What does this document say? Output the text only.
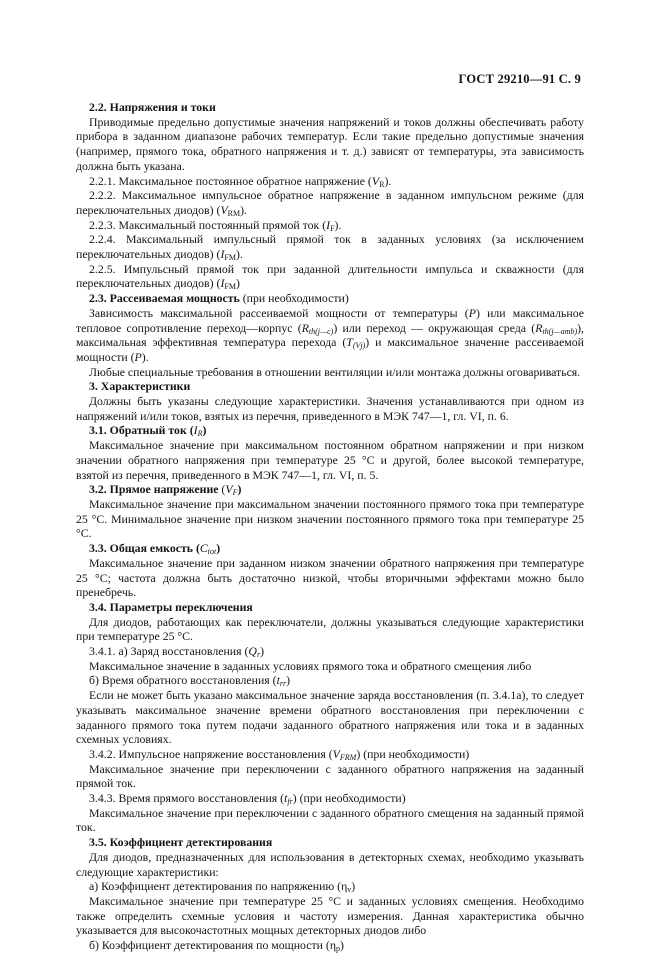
ГОСТ 29210—91 С. 9

2.2. Напряжения и токи

Приводимые предельно допустимые значения напряжений и токов должны обеспечивать работу прибора в заданном диапазоне рабочих температур. Если такие предельно допустимые значения (например, прямого тока, обратного напряжения и т. д.) зависят от температуры, эта зависимость должна быть указана.

2.2.1. Максимальное постоянное обратное напряжение $(V_R)$.

2.2.2. Максимальное импульсное обратное напряжение в заданном импульсном режиме (для переключательных диодов) $(V_{RM})$.

2.2.3. Максимальный постоянный прямой ток $(I_F)$.

2.2.4. Максимальный импульсный прямой ток в заданных условиях (за исключением переключательных диодов) $(I_{FM})$.

2.2.5. Импульсный прямой ток при заданной длительности импульса и скважности (для переключательных диодов) $(I_{FM})$

2.3. Рассеиваемая мощность (при необходимости)

Зависимость максимальной рассеиваемой мощности от температуры (P) или максимальное тепловое сопротивление переход—корпус $(R_{th(j—c)})$ или переход — окружающая среда $(R_{th(j—amb)})$, максимальная эффективная температура перехода $(T_{(Vj)})$ и максимальное значение рассеиваемой мощности (P).

Любые специальные требования в отношении вентиляции и/или монтажа должны оговариваться.

3. Характеристики

Должны быть указаны следующие характеристики. Значения устанавливаются при одном из напряжений и/или токов, взятых из перечня, приведенного в МЭК 747—1, гл. VI, п. 6.

3.1. Обратный ток $(I_R)$

Максимальное значение при максимальном постоянном обратном напряжении и при низком значении обратного напряжения при температуре 25 °С и другой, более высокой температуре, взятой из перечня, приведенного в МЭК 747—1, гл. VI, п. 5.

3.2. Прямое напряжение $(V_F)$

Максимальное значение при максимальном значении постоянного прямого тока при температуре 25 °С. Минимальное значение при низком значении постоянного прямого тока при температуре 25 °С.

3.3. Общая емкость $(C_{tot})$

Максимальное значение при заданном низком значении обратного напряжения при температуре 25 °С; частота должна быть достаточно низкой, чтобы вторичными эффектами можно было пренебречь.

3.4. Параметры переключения

Для диодов, работающих как переключатели, должны указываться следующие характеристики при температуре 25 °С.

3.4.1. а) Заряд восстановления $(Q_r)$

Максимальное значение в заданных условиях прямого тока и обратного смещения либо

б) Время обратного восстановления $(t_{rr})$

Если не может быть указано максимальное значение заряда восстановления (п. 3.4.1а), то следует указывать максимальное значение времени обратного восстановления при переключении с заданного прямого тока путем подачи заданного обратного напряжения или тока и в заданных схемных условиях.

3.4.2. Импульсное напряжение восстановления $(V_{FRM})$ (при необходимости)

Максимальное значение при переключении с заданного обратного напряжения на заданный прямой ток.

3.4.3. Время прямого восстановления $(t_{fr})$ (при необходимости)

Максимальное значение при переключении с заданного обратного смещения на заданный прямой ток.

3.5. Коэффициент детектирования

Для диодов, предназначенных для использования в детекторных схемах, необходимо указывать следующие характеристики:

а) Коэффициент детектирования по напряжению $(\eta_v)$

Максимальное значение при температуре 25 °С и заданных условиях смещения. Необходимо также определить схемные условия и частоту измерения. Данная характеристика обычно указывается для высокочастотных мощных детекторных диодов либо

б) Коэффициент детектирования по мощности $(\eta_p)$
